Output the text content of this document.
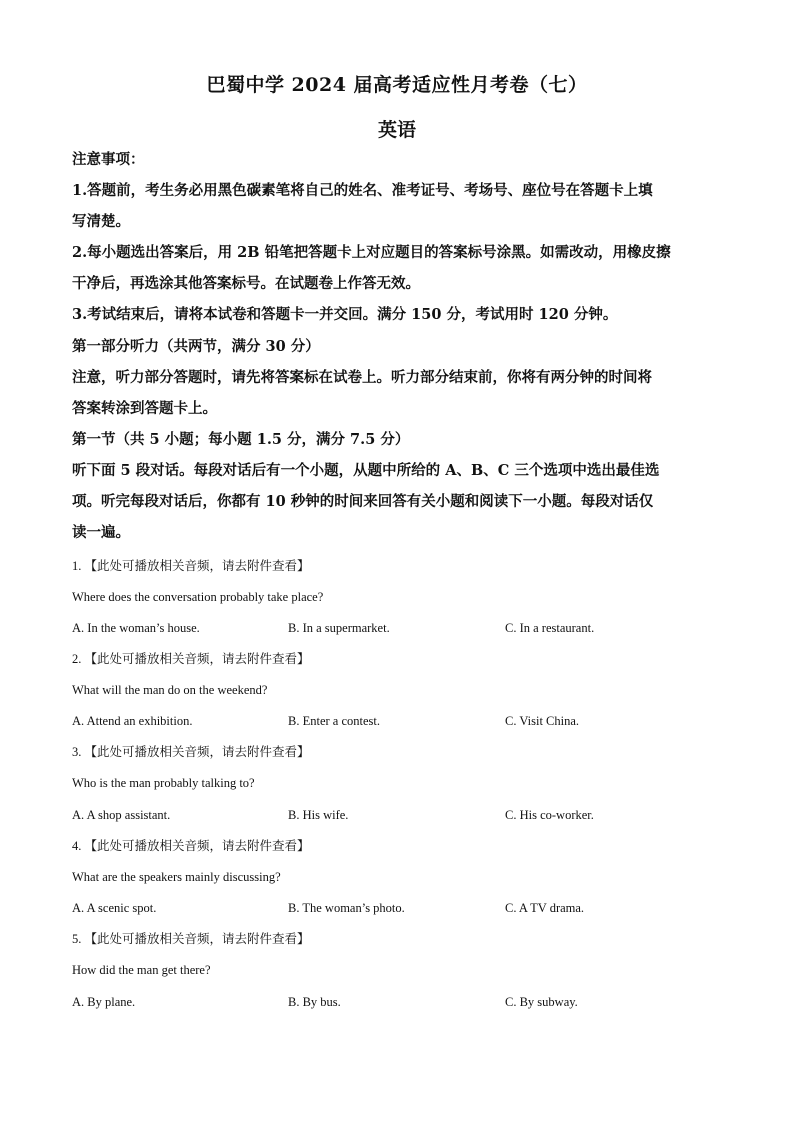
巴蜀中学 2024 届高考适应性月考卷（七）
英语
注意事项：
1.答题前，考生务必用黑色碳素笔将自己的姓名、准考证号、考场号、座位号在答题卡上填
写清楚。
2.每小题选出答案后，用 2B 铅笔把答题卡上对应题目的答案标号涂黑。如需改动，用橡皮擦
干净后，再选涂其他答案标号。在试题卷上作答无效。
3.考试结束后，请将本试卷和答题卡一并交回。满分 150 分，考试用时 120 分钟。
第一部分听力（共两节，满分 30 分）
注意，听力部分答题时，请先将答案标在试卷上。听力部分结束前，你将有两分钟的时间将
答案转涂到答题卡上。
第一节（共 5 小题；每小题 1.5 分，满分 7.5 分）
听下面 5 段对话。每段对话后有一个小题，从题中所给的 A、B、C 三个选项中选出最佳选
项。听完每段对话后，你都有 10 秒钟的时间来回答有关小题和阅读下一小题。每段对话仅
读一遍。
1. 【此处可播放相关音频，请去附件查看】
Where does the conversation probably take place?
A. In the woman’s house.	B. In a supermarket.	C. In a restaurant.
2. 【此处可播放相关音频，请去附件查看】
What will the man do on the weekend?
A. Attend an exhibition.	B. Enter a contest.	C. Visit China.
3. 【此处可播放相关音频，请去附件查看】
Who is the man probably talking to?
A. A shop assistant.	B. His wife.	C. His co-worker.
4. 【此处可播放相关音频，请去附件查看】
What are the speakers mainly discussing?
A. A scenic spot.	B. The woman’s photo.	C. A TV drama.
5. 【此处可播放相关音频，请去附件查看】
How did the man get there?
A. By plane.	B. By bus.	C. By subway.
